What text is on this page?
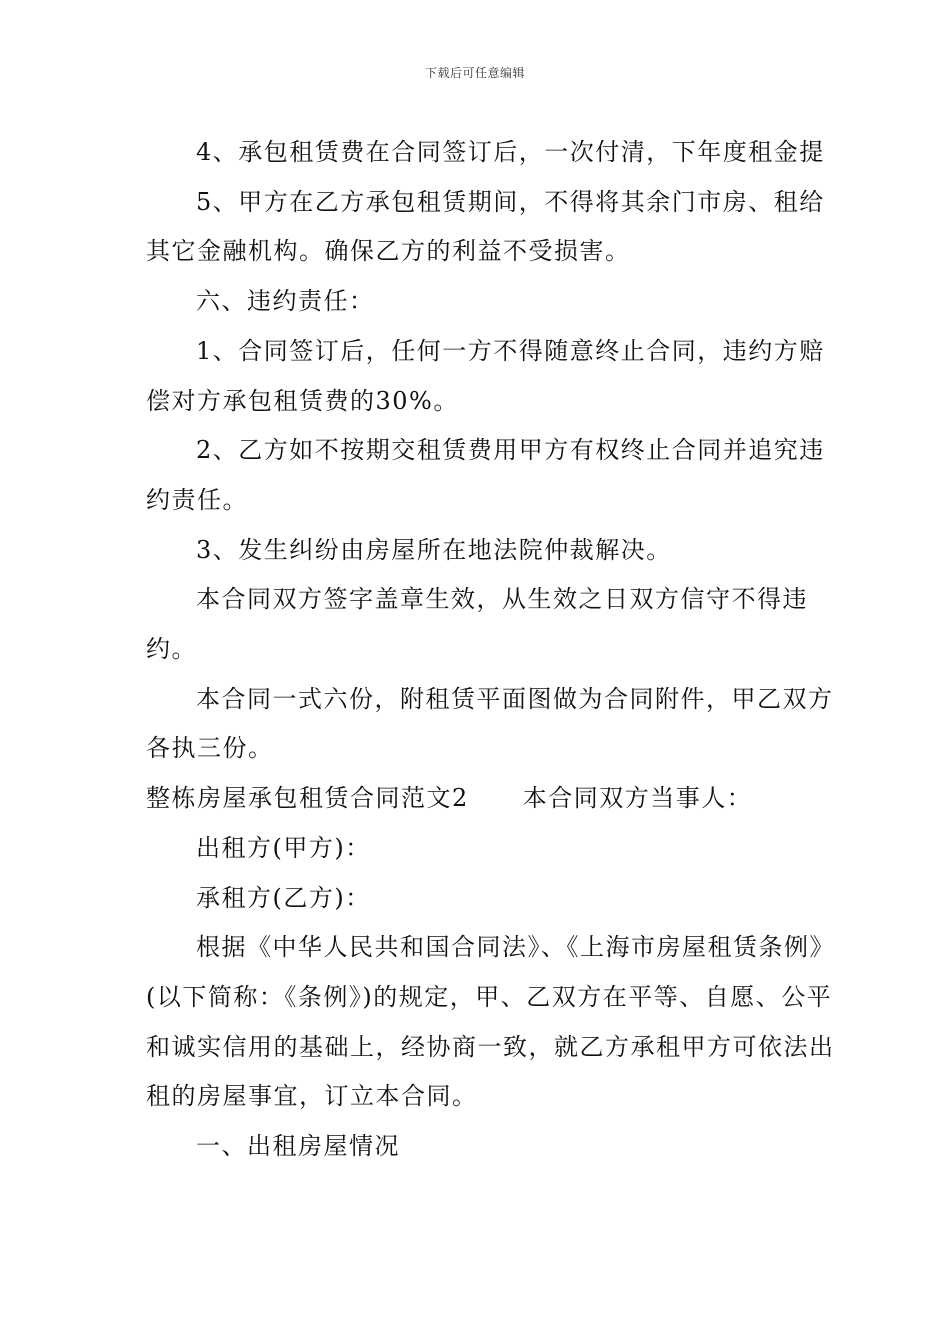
下载后可任意编辑

4、承包租赁费在合同签订后，一次付清，下年度租金提

5、甲方在乙方承包租赁期间，不得将其余门市房、租给其它金融机构。确保乙方的利益不受损害。

六、违约责任：

1、合同签订后，任何一方不得随意终止合同，违约方赔偿对方承包租赁费的30%。

2、乙方如不按期交租赁费用甲方有权终止合同并追究违约责任。

3、发生纠纷由房屋所在地法院仲裁解决。

本合同双方签字盖章生效，从生效之日双方信守不得违约。

本合同一式六份，附租赁平面图做为合同附件，甲乙双方各执三份。

整栋房屋承包租赁合同范文2 本合同双方当事人：

出租方(甲方)：

承租方(乙方)：

根据《中华人民共和国合同法》、《上海市房屋租赁条例》(以下简称：《条例》)的规定，甲、乙双方在平等、自愿、公平和诚实信用的基础上，经协商一致，就乙方承租甲方可依法出租的房屋事宜，订立本合同。

一、出租房屋情况
